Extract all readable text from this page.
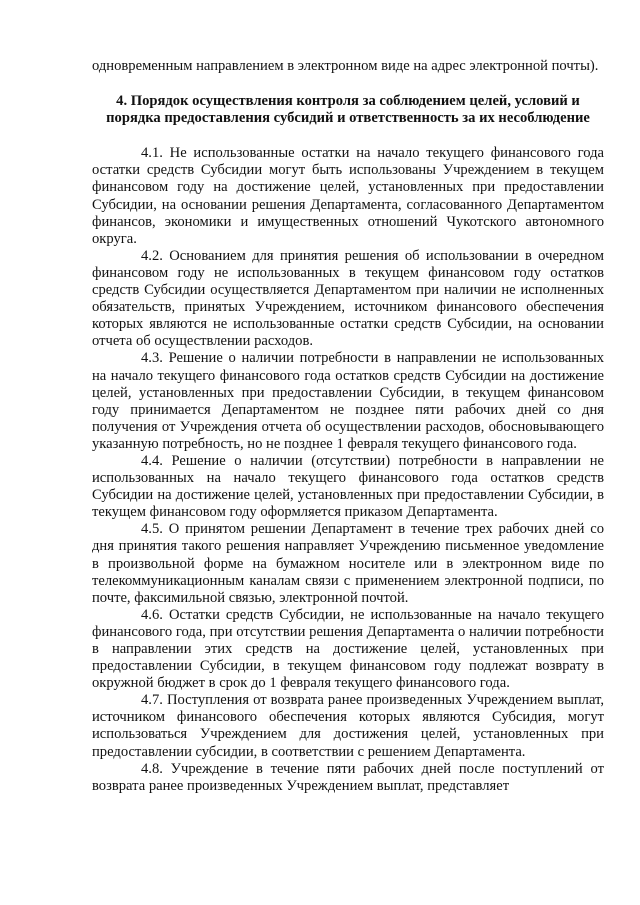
одновременным направлением в электронном виде на адрес электронной почты).

4. Порядок осуществления контроля за соблюдением целей, условий и порядка предоставления субсидий и ответственность за их несоблюдение

4.1. Не использованные остатки на начало текущего финансового года остатки средств Субсидии могут быть использованы Учреждением в текущем финансовом году на достижение целей, установленных при предоставлении Субсидии, на основании решения Департамента, согласованного Департаментом финансов, экономики и имущественных отношений Чукотского автономного округа.

4.2. Основанием для принятия решения об использовании в очередном финансовом году не использованных в текущем финансовом году остатков средств Субсидии осуществляется Департаментом при наличии не исполненных обязательств, принятых Учреждением, источником финансового обеспечения которых являются не использованные остатки средств Субсидии, на основании отчета об осуществлении расходов.

4.3. Решение о наличии потребности в направлении не использованных на начало текущего финансового года остатков средств Субсидии на достижение целей, установленных при предоставлении Субсидии, в текущем финансовом году принимается Департаментом не позднее пяти рабочих дней со дня получения от Учреждения отчета об осуществлении расходов, обосновывающего указанную потребность, но не позднее 1 февраля текущего финансового года.

4.4. Решение о наличии (отсутствии) потребности в направлении не использованных на начало текущего финансового года остатков средств Субсидии на достижение целей, установленных при предоставлении Субсидии, в текущем финансовом году оформляется приказом Департамента.

4.5. О принятом решении Департамент в течение трех рабочих дней со дня принятия такого решения направляет Учреждению письменное уведомление в произвольной форме на бумажном носителе или в электронном виде по телекоммуникационным каналам связи с применением электронной подписи, по почте, факсимильной связью, электронной почтой.

4.6. Остатки средств Субсидии, не использованные на начало текущего финансового года, при отсутствии решения Департамента о наличии потребности в направлении этих средств на достижение целей, установленных при предоставлении Субсидии, в текущем финансовом году подлежат возврату в окружной бюджет в срок до 1 февраля текущего финансового года.

4.7. Поступления от возврата ранее произведенных Учреждением выплат, источником финансового обеспечения которых являются Субсидия, могут использоваться Учреждением для достижения целей, установленных при предоставлении субсидии, в соответствии с решением Департамента.

4.8. Учреждение в течение пяти рабочих дней после поступлений от возврата ранее произведенных Учреждением выплат, представляет
